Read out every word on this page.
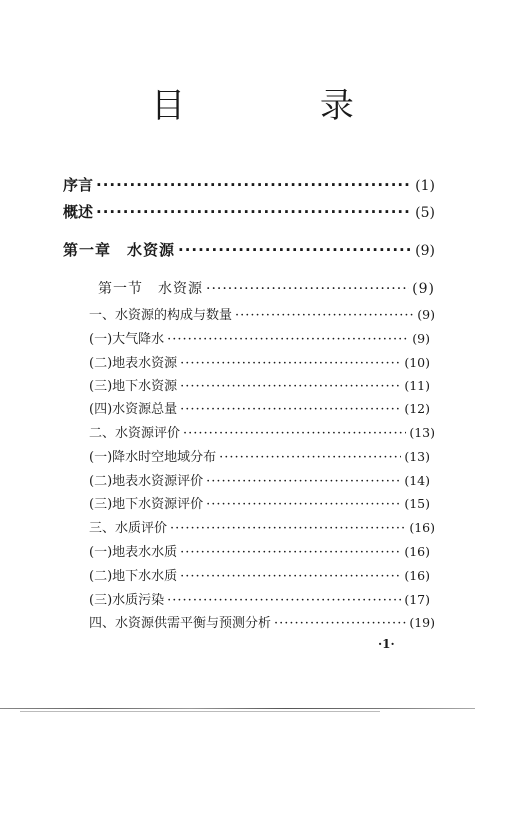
目 录
序言 ·····	(1)
概述 ·····	(5)
第一章　水资源 ·····	(9)
第一节　水资源 ·····	(9)
一、水资源的构成与数量 ·····	(9)
(一)大气降水 ·····	(9)
(二)地表水资源 ·····	(10)
(三)地下水资源 ·····	(11)
(四)水资源总量 ·····	(12)
二、水资源评价 ·····	(13)
(一)降水时空地域分布 ·····	(13)
(二)地表水资源评价 ·····	(14)
(三)地下水资源评价 ·····	(15)
三、水质评价 ·····	(16)
(一)地表水水质 ·····	(16)
(二)地下水水质 ·····	(16)
(三)水质污染 ·····	(17)
四、水资源供需平衡与预测分析 ·····	(19)
·1·
